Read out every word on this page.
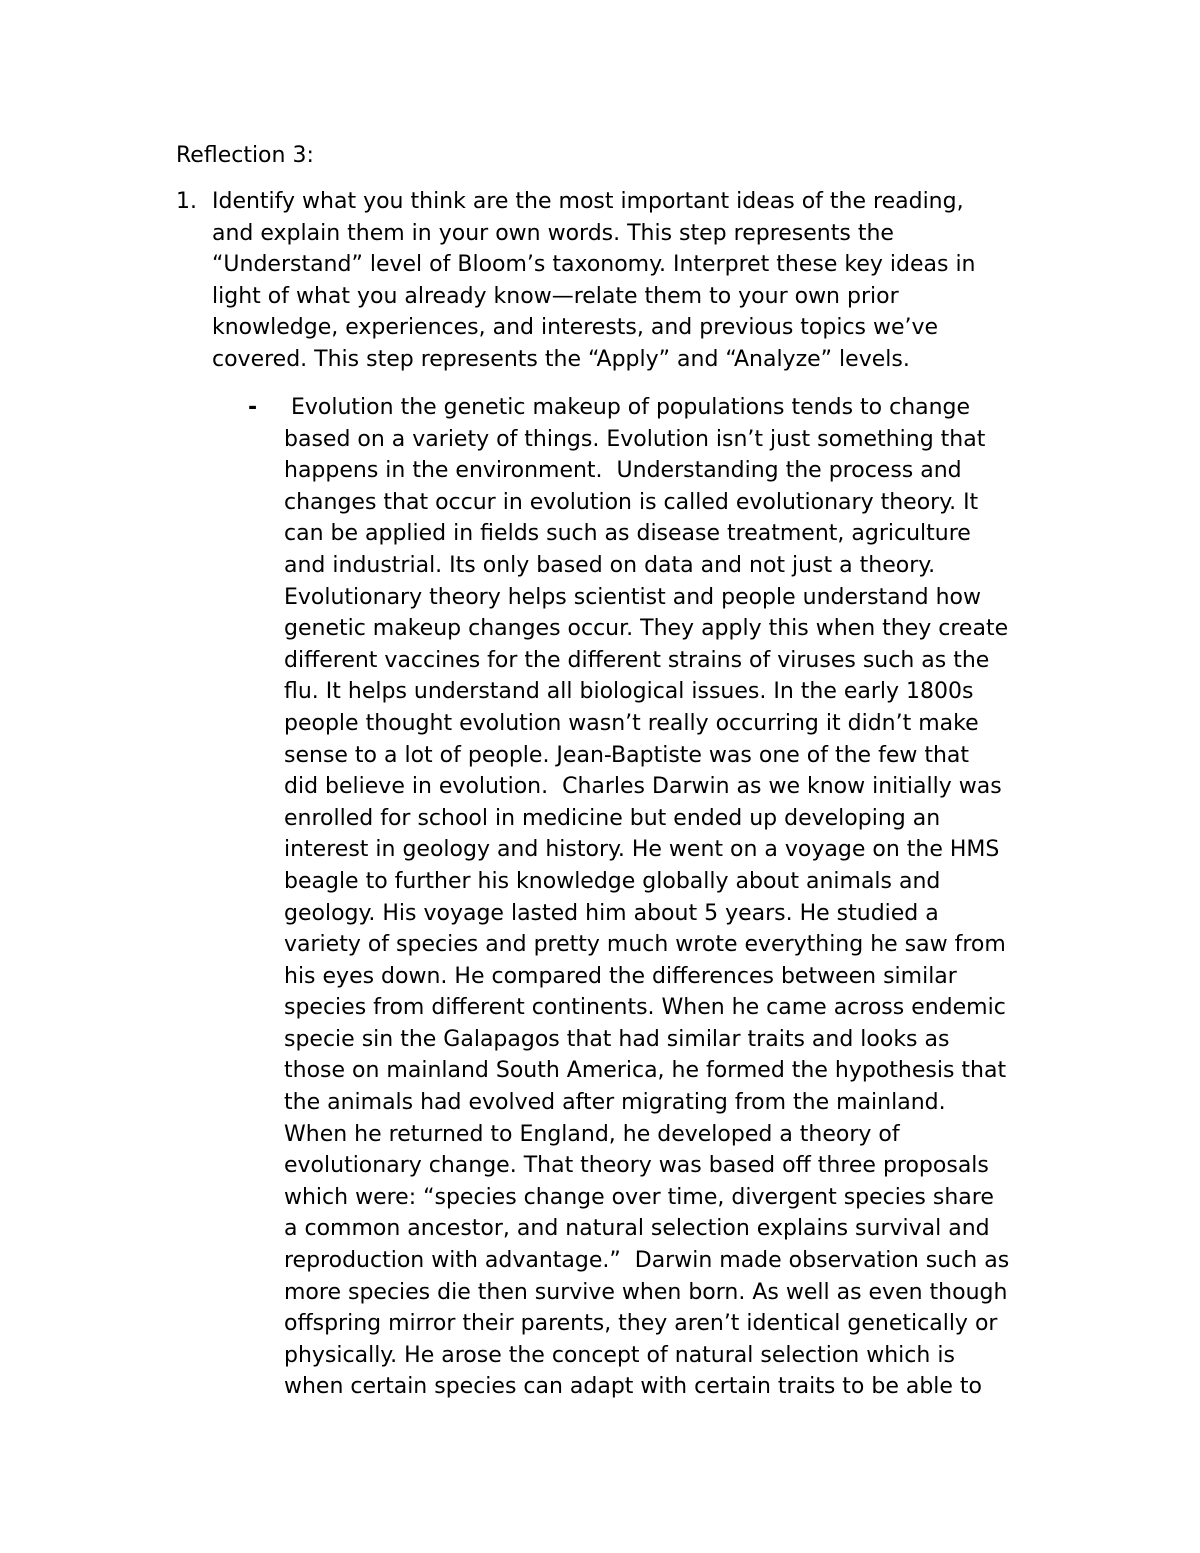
Reflection 3:
1. Identify what you think are the most important ideas of the reading,
and explain them in your own words. This step represents the
“Understand” level of Bloom’s taxonomy. Interpret these key ideas in
light of what you already know—relate them to your own prior
knowledge, experiences, and interests, and previous topics we’ve
covered. This step represents the “Apply” and “Analyze” levels.
- Evolution the genetic makeup of populations tends to change
based on a variety of things. Evolution isn’t just something that
happens in the environment.  Understanding the process and
changes that occur in evolution is called evolutionary theory. It
can be applied in fields such as disease treatment, agriculture
and industrial. Its only based on data and not just a theory.
Evolutionary theory helps scientist and people understand how
genetic makeup changes occur. They apply this when they create
different vaccines for the different strains of viruses such as the
flu. It helps understand all biological issues. In the early 1800s
people thought evolution wasn’t really occurring it didn’t make
sense to a lot of people. Jean-Baptiste was one of the few that
did believe in evolution.  Charles Darwin as we know initially was
enrolled for school in medicine but ended up developing an
interest in geology and history. He went on a voyage on the HMS
beagle to further his knowledge globally about animals and
geology. His voyage lasted him about 5 years. He studied a
variety of species and pretty much wrote everything he saw from
his eyes down. He compared the differences between similar
species from different continents. When he came across endemic
specie sin the Galapagos that had similar traits and looks as
those on mainland South America, he formed the hypothesis that
the animals had evolved after migrating from the mainland.
When he returned to England, he developed a theory of
evolutionary change. That theory was based off three proposals
which were: “species change over time, divergent species share
a common ancestor, and natural selection explains survival and
reproduction with advantage.”  Darwin made observation such as
more species die then survive when born. As well as even though
offspring mirror their parents, they aren’t identical genetically or
physically. He arose the concept of natural selection which is
when certain species can adapt with certain traits to be able to
